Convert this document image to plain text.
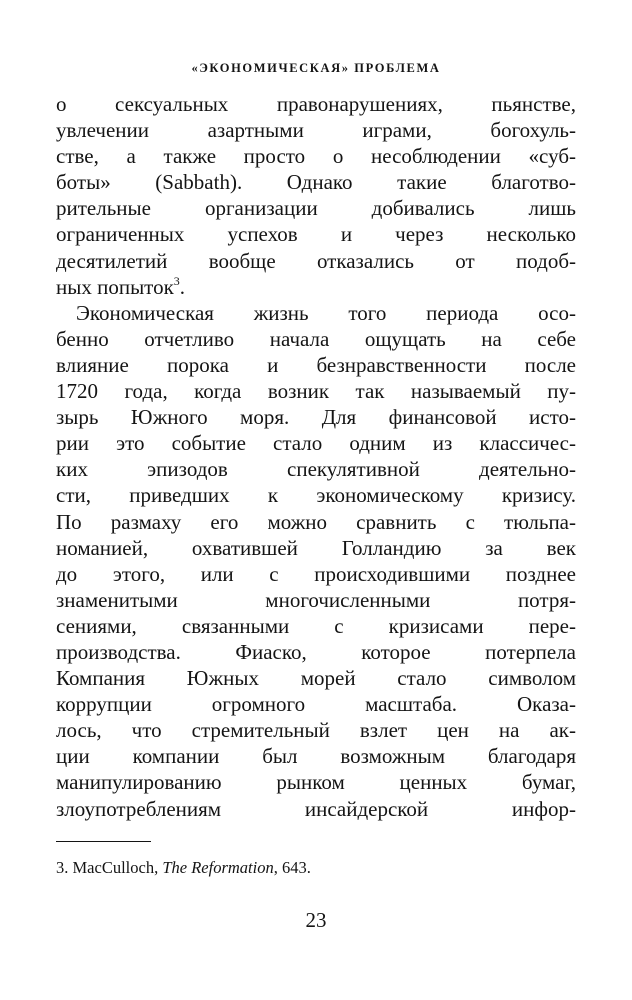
«ЭКОНОМИЧЕСКАЯ» ПРОБЛЕМА
о сексуальных правонарушениях, пьянстве,
увлечении азартными играми, богохуль-
стве, а также просто о несоблюдении «суб-
боты» (Sabbath). Однако такие благотво-
рительные организации добивались лишь
ограниченных успехов и через несколько
десятилетий вообще отказались от подоб-
ных попыток$^3$.
Экономическая жизнь того периода осо-
бенно отчетливо начала ощущать на себе
влияние порока и безнравственности после
1720 года, когда возник так называемый пу-
зырь Южного моря. Для финансовой исто-
рии это событие стало одним из классичес-
ких эпизодов спекулятивной деятельно-
сти, приведших к экономическому кризису.
По размаху его можно сравнить с тюльпа-
номанией, охватившей Голландию за век
до этого, или с происходившими позднее
знаменитыми многочисленными потря-
сениями, связанными с кризисами пере-
производства. Фиаско, которое потерпела
Компания Южных морей стало символом
коррупции огромного масштаба. Оказа-
лось, что стремительный взлет цен на ак-
ции компании был возможным благодаря
манипулированию рынком ценных бумаг,
злоупотреблениям инсайдерской инфор-
3. MacCulloch, The Reformation, 643.
23
